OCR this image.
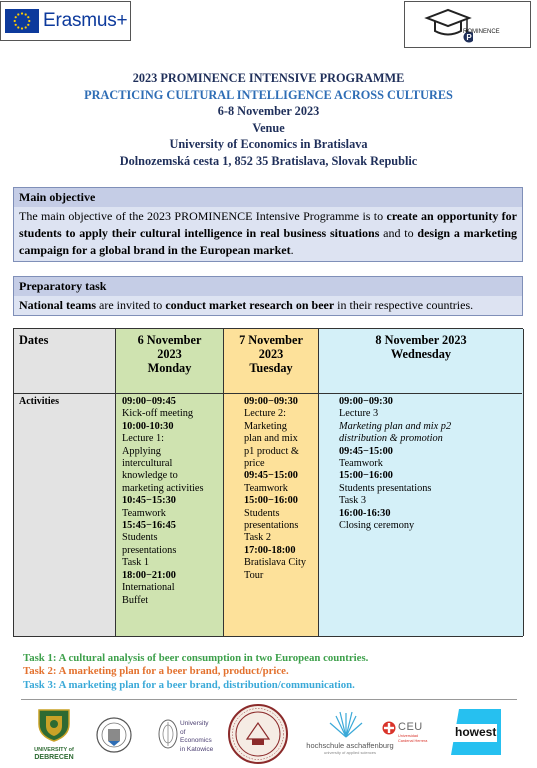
Erasmus+
P
ROMINENCE
2023 PROMINENCE INTENSIVE PROGRAMME
PRACTICING CULTURAL INTELLIGENCE ACROSS CULTURES
6-8 November 2023
Venue
University of Economics in Bratislava
Dolnozemská cesta 1, 852 35 Bratislava, Slovak Republic
Main objective
The main objective of the 2023 PROMINENCE Intensive Programme is to create an opportunity for students to apply their cultural intelligence in real business situations and to design a marketing campaign for a global brand in the European market.
Preparatory task
National teams are invited to conduct market research on beer in their respective countries.
Dates
Activities
6 November 2023
Monday
09:00−09:45
Kick-off meeting
10:00-10:30
Lecture 1: Applying intercultural knowledge to marketing activities
10:45−15:30
Teamwork
15:45−16:45
Students presentations Task 1
18:00−21:00
International Buffet
7 November 2023
Tuesday
09:00−09:30
Lecture 2: Marketing plan and mix p1 product & price
09:45−15:00
Teamwork
15:00−16:00
Students presentations Task 2
17:00-18:00
Bratislava City Tour
8 November 2023
Wednesday
09:00−09:30
Lecture 3
Marketing plan and mix p2 distribution & promotion
09:45−15:00
Teamwork
15:00−16:00
Students presentations
Task 3
16:00-16:30
Closing ceremony
Task 1: A cultural analysis of beer consumption in two European countries.
Task 2: A marketing plan for a beer brand, product/price.
Task 3: A marketing plan for a beer brand, distribution/communication.
UNIVERSITY of
DEBRECEN
University
of Economics
in Katowice	hochschule aschaffenburg
university of applied sciences
CEU
Universidad
Cardenal Herrera
howest
